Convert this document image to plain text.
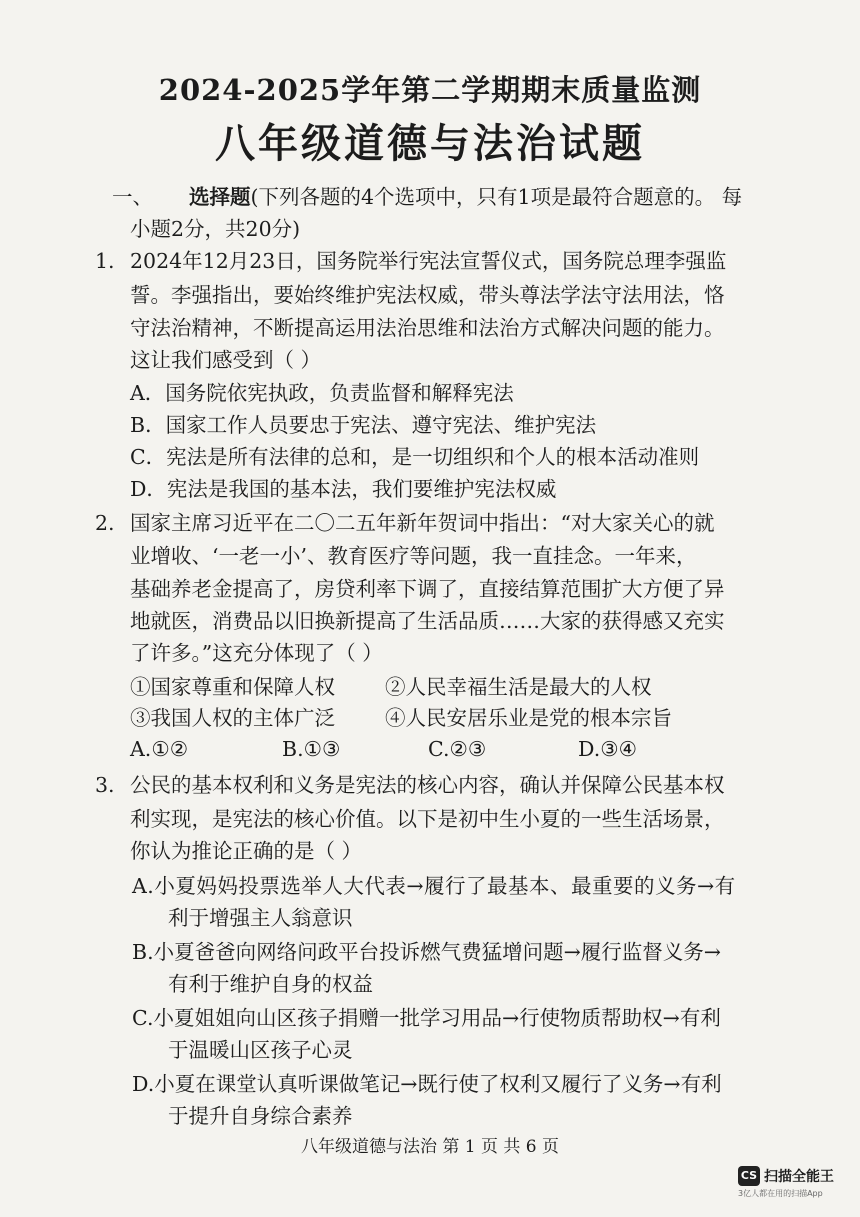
2024-2025学年第二学期期末质量监测
八年级道德与法治试题
一、 选择题(下列各题的4个选项中，只有1项是最符合题意的。 每
小题2分，共20分)
1. 2024年12月23日，国务院举行宪法宣誓仪式，国务院总理李强监
誓。李强指出，要始终维护宪法权威，带头尊法学法守法用法，恪
守法治精神，不断提高运用法治思维和法治方式解决问题的能力。
这让我们感受到（ ）
A．国务院依宪执政，负责监督和解释宪法
B．国家工作人员要忠于宪法、遵守宪法、维护宪法
C．宪法是所有法律的总和，是一切组织和个人的根本活动准则
D．宪法是我国的基本法，我们要维护宪法权威
2. 国家主席习近平在二〇二五年新年贺词中指出：“对大家关心的就
业增收、‘一老一小’、教育医疗等问题，我一直挂念。一年来，
基础养老金提高了，房贷利率下调了，直接结算范围扩大方便了异
地就医，消费品以旧换新提高了生活品质……大家的获得感又充实
了许多。”这充分体现了（ ）
①国家尊重和保障人权 ②人民幸福生活是最大的人权
③我国人权的主体广泛 ④人民安居乐业是党的根本宗旨
A.①②	B.①③	C.②③	D.③④
3. 公民的基本权利和义务是宪法的核心内容，确认并保障公民基本权
利实现，是宪法的核心价值。以下是初中生小夏的一些生活场景，
你认为推论正确的是（ ）
A.小夏妈妈投票选举人大代表→履行了最基本、最重要的义务→有
利于增强主人翁意识
B.小夏爸爸向网络问政平台投诉燃气费猛增问题→履行监督义务→
有利于维护自身的权益
C.小夏姐姐向山区孩子捐赠一批学习用品→行使物质帮助权→有利
于温暖山区孩子心灵
D.小夏在课堂认真听课做笔记→既行使了权利又履行了义务→有利
于提升自身综合素养
八年级道德与法治 第 1 页 共 6 页
CS 扫描全能王
3亿人都在用的扫描App
